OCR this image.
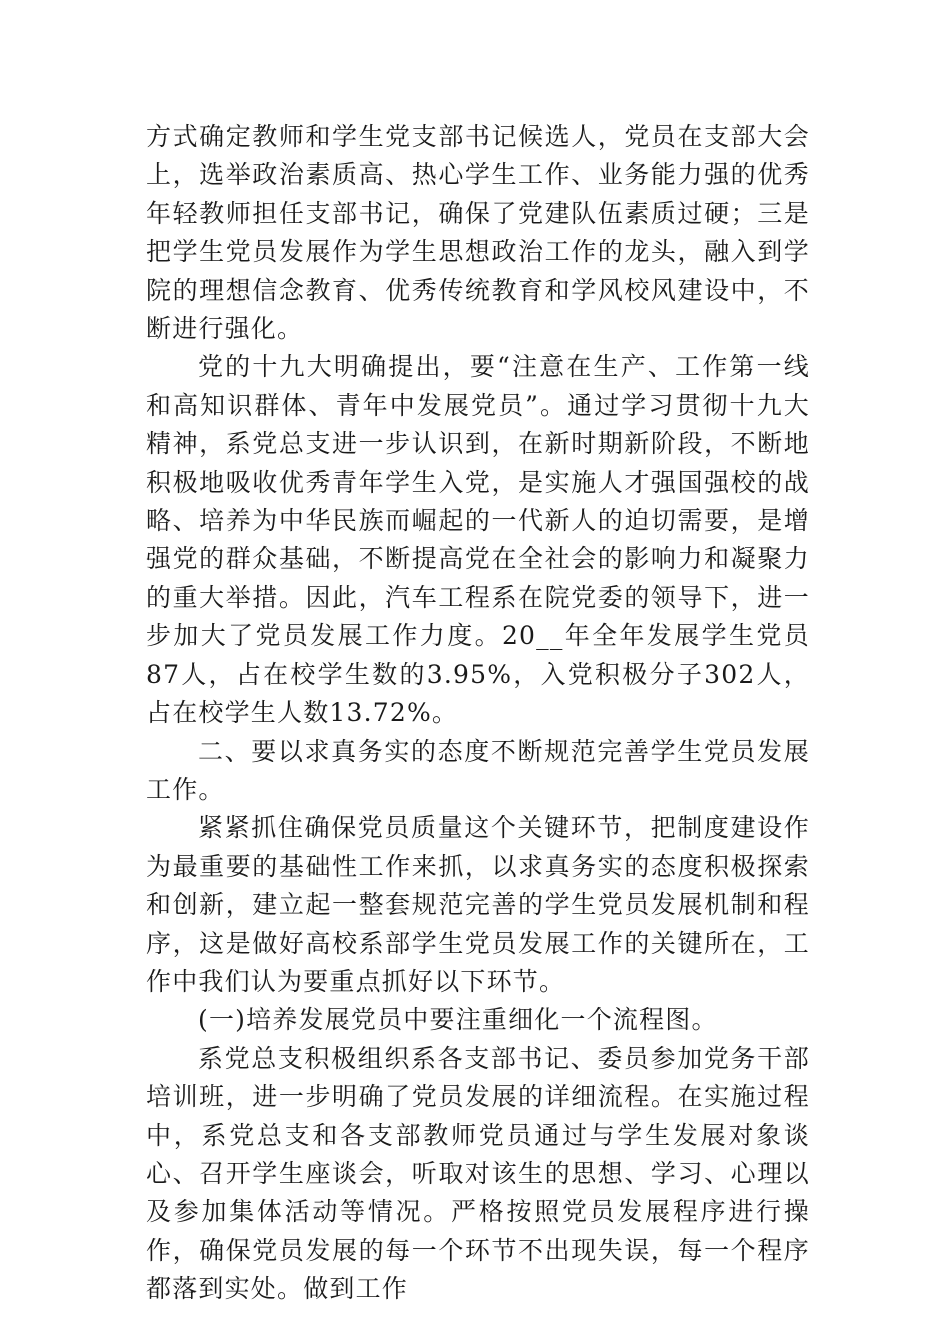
方式确定教师和学生党支部书记候选人，党员在支部大会上，选举政治素质高、热心学生工作、业务能力强的优秀年轻教师担任支部书记，确保了党建队伍素质过硬；三是把学生党员发展作为学生思想政治工作的龙头，融入到学院的理想信念教育、优秀传统教育和学风校风建设中，不断进行强化。

党的十九大明确提出，要“注意在生产、工作第一线和高知识群体、青年中发展党员”。通过学习贯彻十九大精神，系党总支进一步认识到，在新时期新阶段，不断地积极地吸收优秀青年学生入党，是实施人才强国强校的战略、培养为中华民族而崛起的一代新人的迫切需要，是增强党的群众基础，不断提高党在全社会的影响力和凝聚力的重大举措。因此，汽车工程系在院党委的领导下，进一步加大了党员发展工作力度。20__年全年发展学生党员87人，占在校学生数的3.95%，入党积极分子302人，占在校学生人数13.72%。

二、要以求真务实的态度不断规范完善学生党员发展工作。

紧紧抓住确保党员质量这个关键环节，把制度建设作为最重要的基础性工作来抓，以求真务实的态度积极探索和创新，建立起一整套规范完善的学生党员发展机制和程序，这是做好高校系部学生党员发展工作的关键所在，工作中我们认为要重点抓好以下环节。

(一)培养发展党员中要注重细化一个流程图。

系党总支积极组织系各支部书记、委员参加党务干部培训班，进一步明确了党员发展的详细流程。在实施过程中，系党总支和各支部教师党员通过与学生发展对象谈心、召开学生座谈会，听取对该生的思想、学习、心理以及参加集体活动等情况。严格按照党员发展程序进行操作，确保党员发展的每一个环节不出现失误，每一个程序都落到实处。做到工作
